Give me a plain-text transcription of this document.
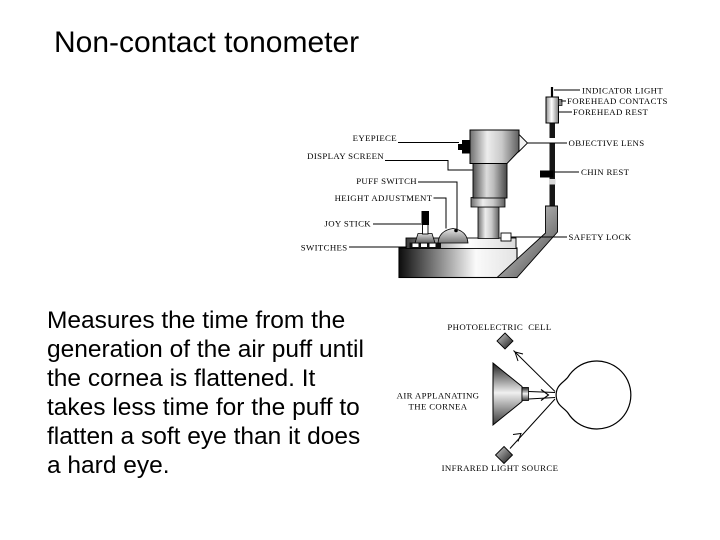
Non-contact tonometer
Measures the time from the
generation of the air puff until
the cornea is flattened. It
takes less time for the puff to
flatten a soft eye than it does
a hard eye.
INDICATOR LIGHT
FOREHEAD CONTACTS
FOREHEAD REST
OBJECTIVE LENS
CHIN REST
SAFETY LOCK
EYEPIECE
DISPLAY SCREEN
PUFF SWITCH
HEIGHT ADJUSTMENT
JOY STICK
SWITCHES
PHOTOELECTRIC  CELL
AIR APPLANATING
THE CORNEA
INFRARED LIGHT SOURCE
